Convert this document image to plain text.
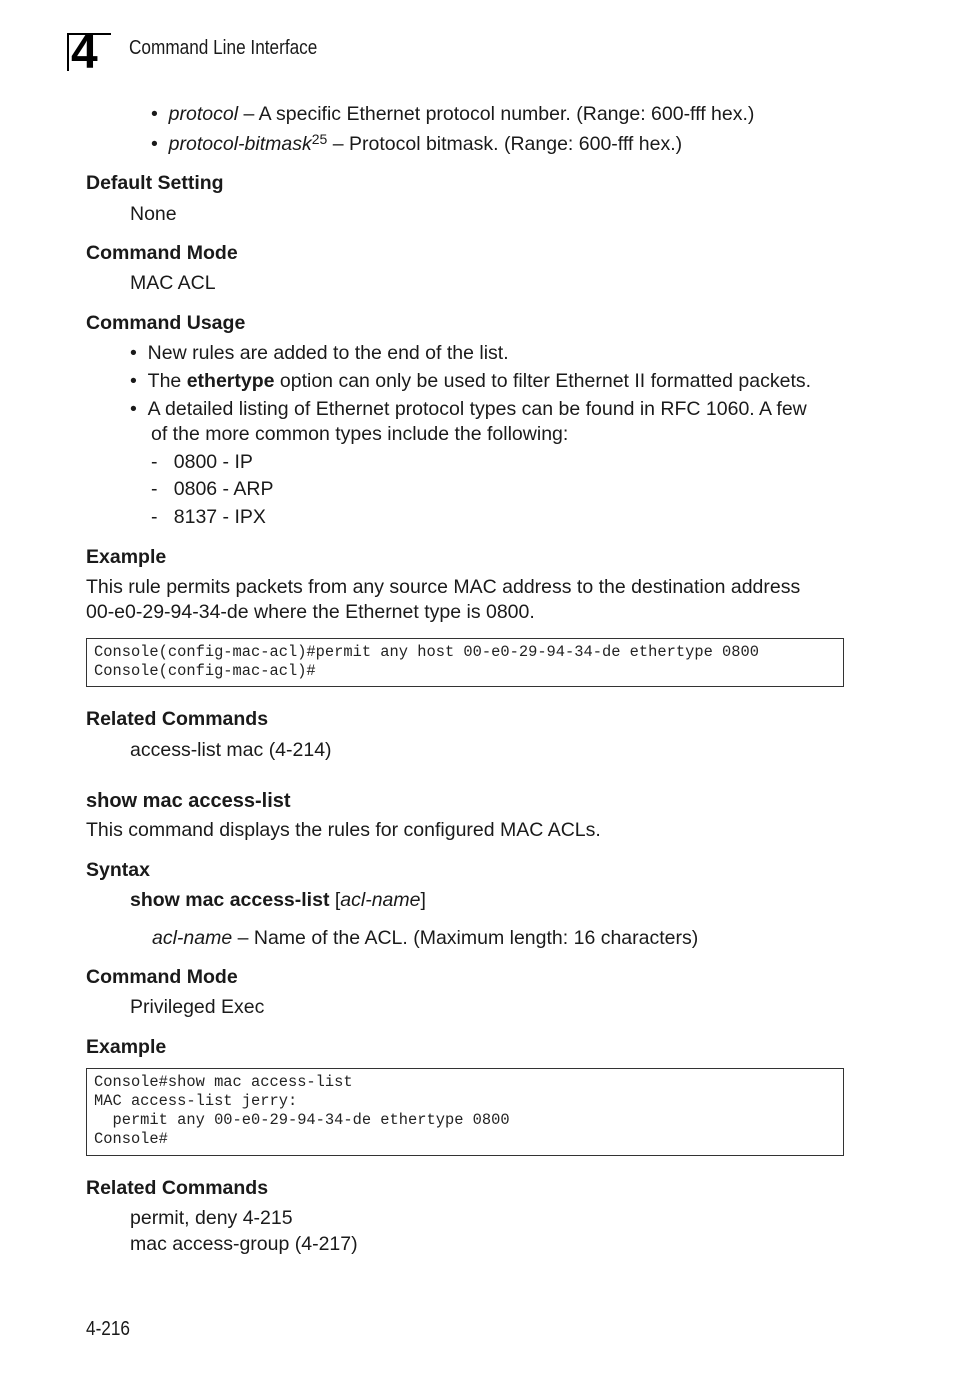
4 Command Line Interface
•  protocol – A specific Ethernet protocol number. (Range: 600-fff hex.)
•  protocol-bitmask$^{25}$ – Protocol bitmask. (Range: 600-fff hex.)
Default Setting
None
Command Mode
MAC ACL
Command Usage
•  New rules are added to the end of the list.
•  The ethertype option can only be used to filter Ethernet II formatted packets.
•  A detailed listing of Ethernet protocol types can be found in RFC 1060. A few
of the more common types include the following:
-   0800 - IP
-   0806 - ARP
-   8137 - IPX
Example
This rule permits packets from any source MAC address to the destination address
00-e0-29-94-34-de where the Ethernet type is 0800.
Console(config-mac-acl)#permit any host 00-e0-29-94-34-de ethertype 0800
Console(config-mac-acl)#
Related Commands
access-list mac (4-214)
show mac access-list
This command displays the rules for configured MAC ACLs.
Syntax
show mac access-list [acl-name]
acl-name – Name of the ACL. (Maximum length: 16 characters)
Command Mode
Privileged Exec
Example
Console#show mac access-list
MAC access-list jerry:
permit any 00-e0-29-94-34-de ethertype 0800
Console#
Related Commands
permit, deny 4-215
mac access-group (4-217)
4-216
